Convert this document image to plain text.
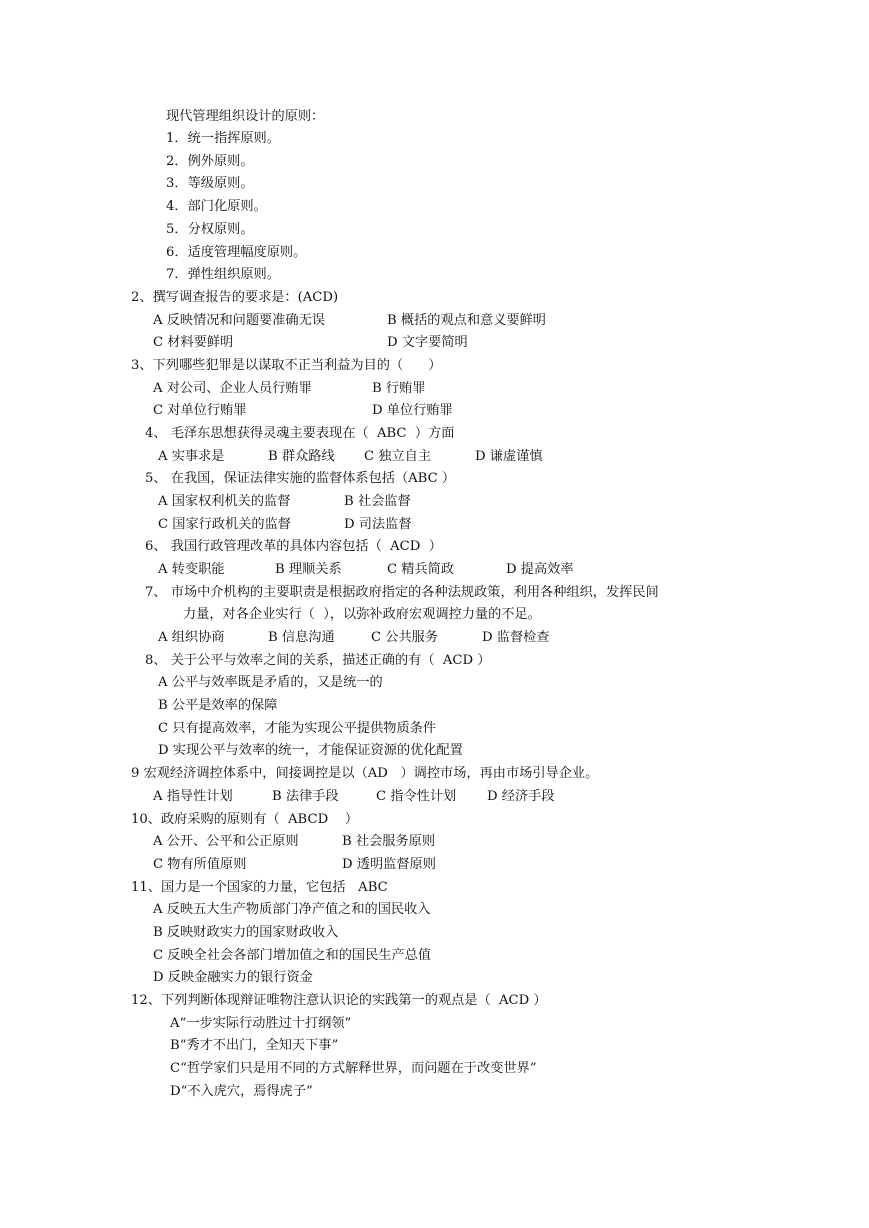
现代管理组织设计的原则：
1．统一指挥原则。
2．例外原则。
3．等级原则。
4．部门化原则。
5．分权原则。
6．适度管理幅度原则。
7．弹性组织原则。
2、撰写调查报告的要求是：(ACD)
A 反映情况和问题要准确无误	B 概括的观点和意义要鲜明
C 材料要鲜明	D 文字要简明
3、下列哪些犯罪是以谋取不正当利益为目的（      ）
A 对公司、企业人员行贿罪	B 行贿罪
C 对单位行贿罪	D 单位行贿罪
4、 毛泽东思想获得灵魂主要表现在（  ABC  ）方面
A 实事求是	B 群众路线 C 独立自主	D 谦虚谨慎
5、 在我国，保证法律实施的监督体系包括（ABC ）
A 国家权利机关的监督	B 社会监督
C 国家行政机关的监督	D 司法监督
6、 我国行政管理改革的具体内容包括（  ACD  ）
A 转变职能	B 理顺关系	C 精兵简政	D 提高效率
7、 市场中介机构的主要职责是根据政府指定的各种法规政策，利用各种组织，发挥民间
力量，对各企业实行（  ），以弥补政府宏观调控力量的不足。
A 组织协商	B 信息沟通	C 公共服务	D 监督检查
8、 关于公平与效率之间的关系，描述正确的有（  ACD ）
A 公平与效率既是矛盾的，又是统一的
B 公平是效率的保障
C 只有提高效率，才能为实现公平提供物质条件
D 实现公平与效率的统一，才能保证资源的优化配置
9 宏观经济调控体系中，间接调控是以（AD   ）调控市场，再由市场引导企业。
A 指导性计划	B 法律手段	C 指令性计划 D 经济手段
10、政府采购的原则有（  ABCD    ）
A 公开、公平和公正原则	B 社会服务原则
C 物有所值原则	D 透明监督原则
11、国力是一个国家的力量，它包括   ABC
A 反映五大生产物质部门净产值之和的国民收入
B 反映财政实力的国家财政收入
C 反映全社会各部门增加值之和的国民生产总值
D 反映金融实力的银行资金
12、下列判断体现辩证唯物注意认识论的实践第一的观点是（  ACD ）
A“一步实际行动胜过十打纲领”
B“秀才不出门，全知天下事”
C“哲学家们只是用不同的方式解释世界，而问题在于改变世界”
D“不入虎穴，焉得虎子”
